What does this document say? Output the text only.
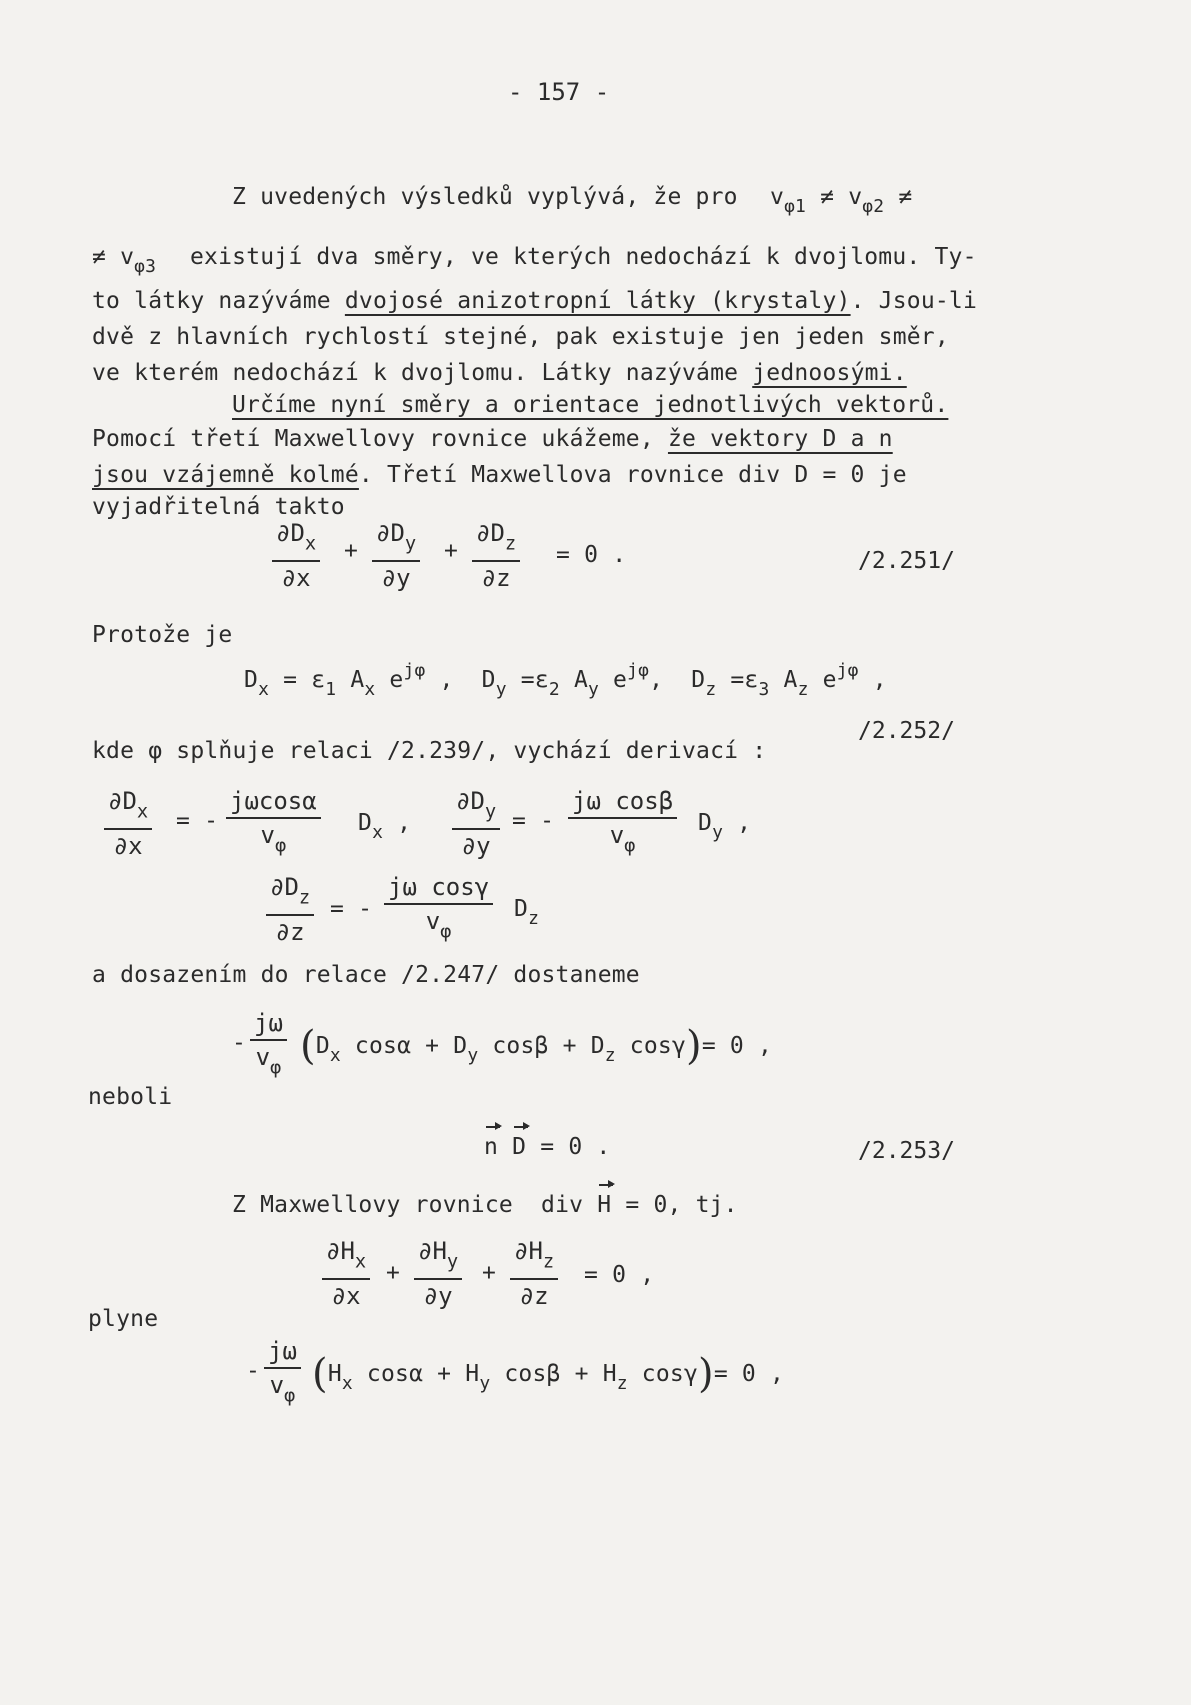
- 157 -
Z uvedených výsledků vyplývá, že pro $v_{\varphi 1} \ne v_{\varphi 2}$ ≠
≠ $v_{\varphi 3}$ existují dva směry, ve kterých nedochází k dvojlomu. Ty-
to látky nazýváme dvojosé anizotropní látky (krystaly). Jsou-li
dvě z hlavních rychlostí stejné, pak existuje jen jeden směr,
ve kterém nedochází k dvojlomu. Látky nazýváme jednoosými.
Určíme nyní směry a orientace jednotlivých vektorů.
Pomocí třetí Maxwellovy rovnice ukážeme, že vektory D a n
jsou vzájemně kolmé. Třetí Maxwellova rovnice div D = 0 je
vyjadřitelná takto
$\partial D_x$
∂x
+
$\partial D_y$
∂y
+
$\partial D_z$
∂z
= 0 .	/2.251/
Protože je
$D_x = \varepsilon_1$ $A_x$ $e^{j\varphi}$ ,  $D_y =\varepsilon_2$ $A_y$ $e^{j\varphi}$,  $D_z =\varepsilon_3$ $A_z$ $e^{j\varphi}$ ,
/2.252/
kde φ splňuje relaci /2.239/, vychází derivací :
$\partial D_x$
∂x
= -
jωcosα
$v_\varphi$
$D_x$ ,
$\partial D_y$
∂y
= -
jω cosβ
$v_\varphi$
$D_y$ ,
$\partial D_z$
∂z
= -
jω cosγ
$v_\varphi$
$D_z$
a dosazením do relace /2.247/ dostaneme
-
jω
$v_\varphi$ ($D_x$ $\cos\alpha + D_y$ $\cos\beta + D_z$ cosγ)= 0 ,
neboli
n D = 0 .	/2.253/
Z Maxwellovy rovnice  div H = 0, tj.
$\partial H_x$
∂x
+
$\partial H_y$
∂y
+
$\partial H_z$
∂z
= 0 ,
plyne
-
jω
$v_\varphi$ ($H_x$ $\cos\alpha + H_y$ $\cos\beta + H_z$ cosγ)= 0 ,
